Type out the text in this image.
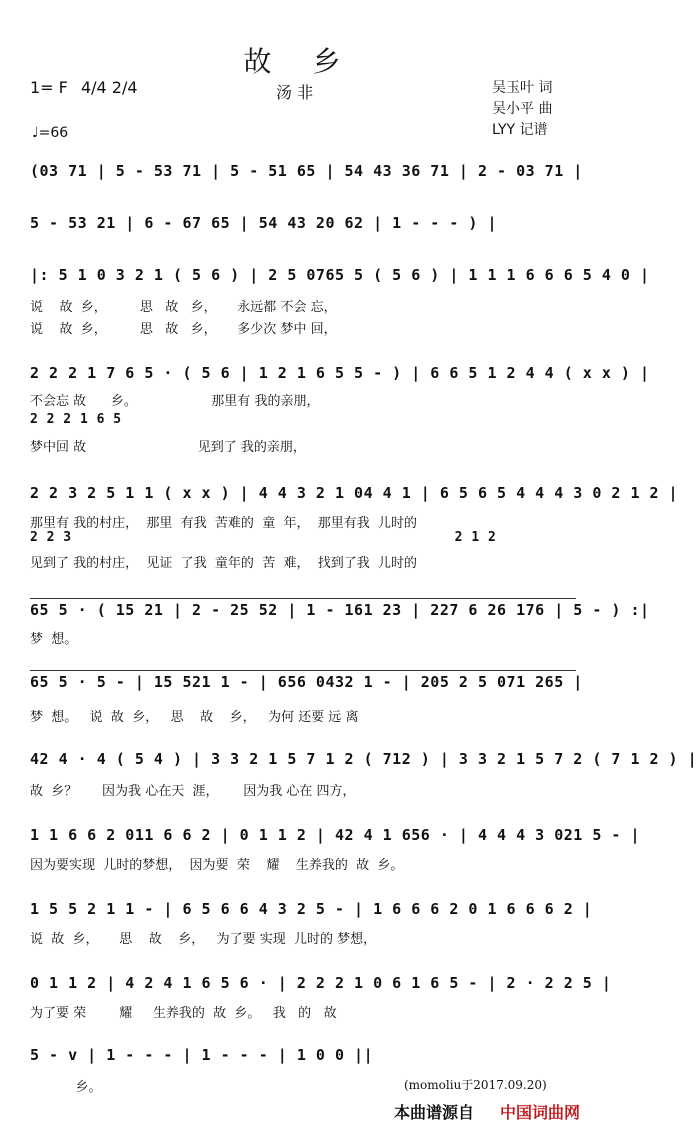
故 乡
1= F 4/4 2/4
♩=66
汤 非	吴玉叶 词
吴小平 曲
LYY 记谱
(03 71 | 5 - 53 71 | 5 - 51 65 | 54 43 36 71 | 2 - 03 71 |
5 - 53 21 | 6 - 67 65 | 54 43 20 62 | 1 - - - ) |
|: 5 1 0 3 2 1 ( 5 6 ) | 2 5 0765 5 ( 5 6 ) | 1 1 1 6 6 6 5 4 0 |
说    故  乡，        思   故   乡，     永远都 不会 忘，
说    故  乡，        思   故   乡，     多少次 梦中 回，
2 2 2 1 7 6 5 · ( 5 6 | 1 2 1 6 5 5 - ) | 6 6 5 1 2 4 4 ( x x ) |
不会忘 故      乡。                  那里有 我的亲朋，
2 2 2 1 6 5
梦中回 故                           见到了 我的亲朋，
2 2 3 2 5 1 1 ( x x ) | 4 4 3 2 1 04 4 1 | 6 5 6 5 4 4 4 3 0 2 1 2 |
那里有 我的村庄，  那里  有我  苦难的  童  年，  那里有我  儿时的
2 2 3                                              2 1 2
见到了 我的村庄，  见证  了我  童年的  苦  难，  找到了我  儿时的
65 5 · ( 15 21 | 2 - 25 52 | 1 - 161 23 | 227 6 26 176 | 5 - ) :|
梦  想。
65 5 · 5 - | 15 521 1 - | 656 0432 1 - | 205 2 5 071 265 |
梦  想。   说  故  乡，   思    故    乡，   为何 还要 远 离
42 4 · 4 ( 5 4 ) | 3 3 2 1 5 7 1 2 ( 712 ) | 3 3 2 1 5 7 2 ( 7 1 2 ) |
故  乡？      因为我 心在天  涯，      因为我 心在 四方，
1 1 6 6 2 011 6 6 2 | 0 1 1 2 | 42 4 1 656 · | 4 4 4 3 021 5 - |
因为要实现  儿时的梦想，  因为要  荣    耀    生养我的  故  乡。
1 5 5 2 1 1 - | 6 5 6 6 4 3 2 5 - | 1 6 6 6 2 0 1 6 6 6 2 |
说  故  乡，     思    故    乡，   为了要 实现  儿时的 梦想，
0 1 1 2 | 4 2 4 1 6 5 6 · | 2 2 2 1 0 6 1 6 5 - | 2 · 2 2 5 |
为了要 荣        耀     生养我的  故  乡。   我   的   故
5 - v | 1 - - - | 1 - - - | 1 0 0 ||
乡。	(momoliu于2017.09.20)
本曲谱源自 中国词曲网
